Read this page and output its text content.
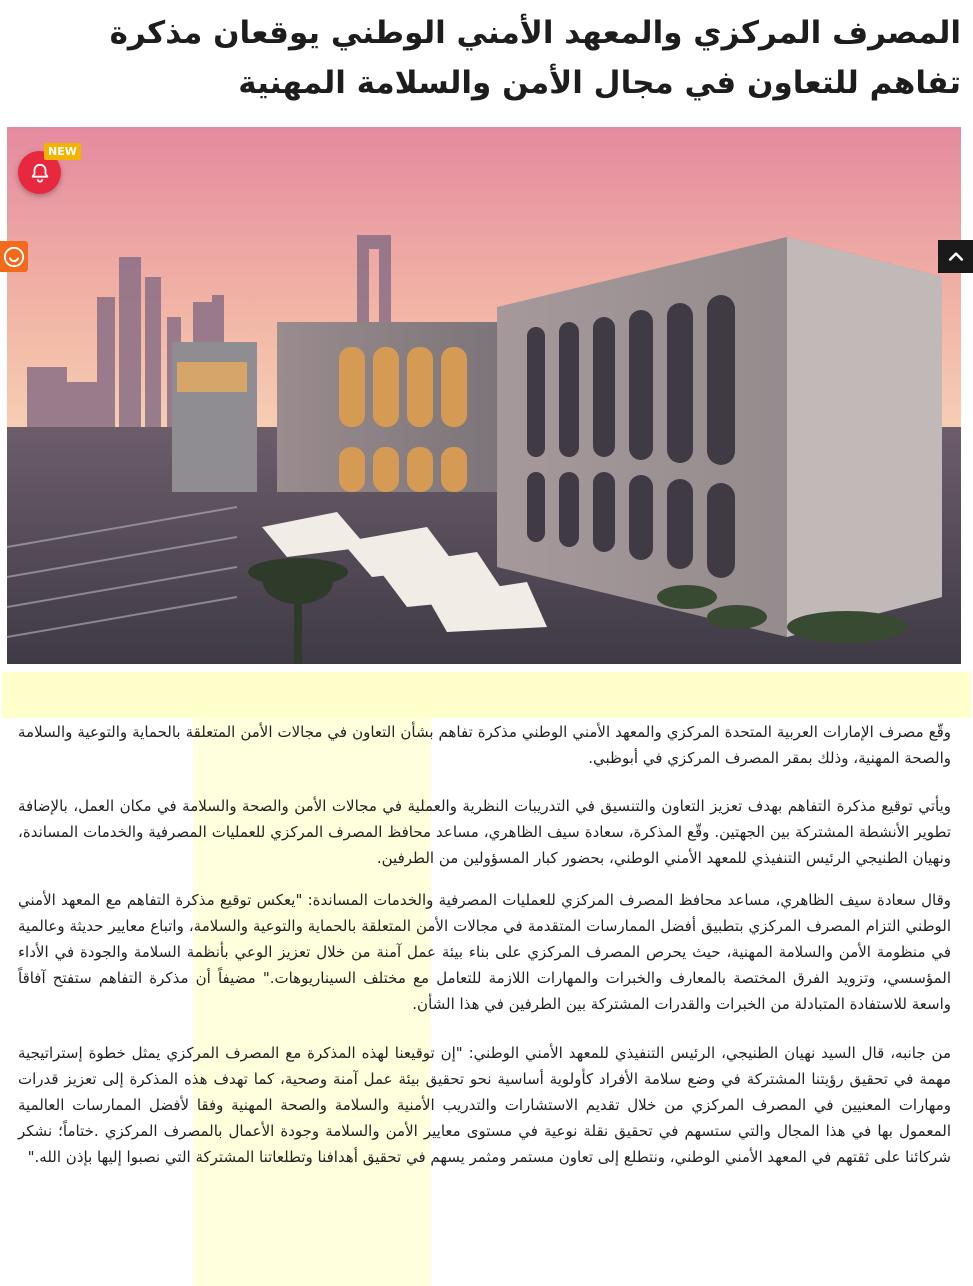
المصرف المركزي والمعهد الأمني الوطني يوقعان مذكرة تفاهم للتعاون في مجال الأمن والسلامة المهنية
NEW

وقّع مصرف الإمارات العربية المتحدة المركزي والمعهد الأمني الوطني مذكرة تفاهم بشأن التعاون في مجالات الأمن المتعلقة بالحماية والتوعية والسلامة والصحة المهنية، وذلك بمقر المصرف المركزي في أبوظبي.

ويأتي توقيع مذكرة التفاهم بهدف تعزيز التعاون والتنسيق في التدريبات النظرية والعملية في مجالات الأمن والصحة والسلامة في مكان العمل، بالإضافة تطوير الأنشطة المشتركة بين الجهتين. وقّع المذكرة، سعادة سيف الظاهري، مساعد محافظ المصرف المركزي للعمليات المصرفية والخدمات المساندة، ونهيان الطنيجي الرئيس التنفيذي للمعهد الأمني الوطني، بحضور كبار المسؤولين من الطرفين.

وقال سعادة سيف الظاهري، مساعد محافظ المصرف المركزي للعمليات المصرفية والخدمات المساندة: "يعكس توقيع مذكرة التفاهم مع المعهد الأمني الوطني التزام المصرف المركزي بتطبيق أفضل الممارسات المتقدمة في مجالات الأمن المتعلقة بالحماية والتوعية والسلامة، واتباع معايير حديثة وعالمية في منظومة الأمن والسلامة المهنية، حيث يحرص المصرف المركزي على بناء بيئة عمل آمنة من خلال تعزيز الوعي بأنظمة السلامة والجودة في الأداء المؤسسي، وتزويد الفرق المختصة بالمعارف والخبرات والمهارات اللازمة للتعامل مع مختلف السيناريوهات." مضيفاً أن مذكرة التفاهم ستفتح آفاقاً واسعة للاستفادة المتبادلة من الخبرات والقدرات المشتركة بين الطرفين في هذا الشأن.

من جانبه، قال السيد نهيان الطنيجي، الرئيس التنفيذي للمعهد الأمني الوطني: "إن توقيعنا لهذه المذكرة مع المصرف المركزي يمثل خطوة إستراتيجية مهمة في تحقيق رؤيتنا المشتركة في وضع سلامة الأفراد كأولوية أساسية نحو تحقيق بيئة عمل آمنة وصحية، كما تهدف هذه المذكرة إلى تعزيز قدرات ومهارات المعنيين في المصرف المركزي من خلال تقديم الاستشارات والتدريب الأمنية والسلامة والصحة المهنية وفقا لأفضل الممارسات العالمية المعمول بها في هذا المجال والتي ستسهم في تحقيق نقلة نوعية في مستوى معايير الأمن والسلامة وجودة الأعمال بالمصرف المركزي .ختاماً؛ نشكر شركائنا على ثقتهم في المعهد الأمني الوطني، ونتطلع إلى تعاون مستمر ومثمر يسهم في تحقيق أهدافنا وتطلعاتنا المشتركة التي نصبوا إليها بإذن الله."
